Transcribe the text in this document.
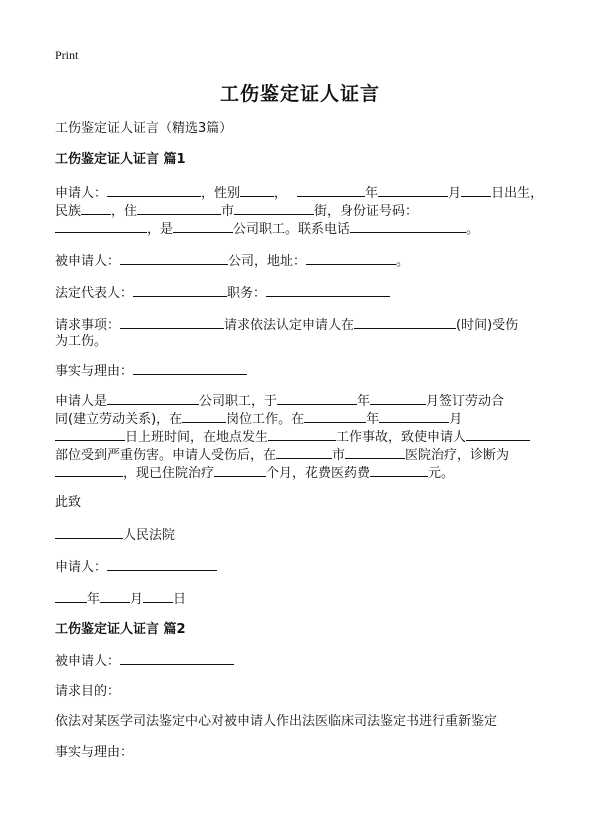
Print
工伤鉴定证人证言
工伤鉴定证人证言（精选3篇）
工伤鉴定证人证言 篇1
申请人：	，性别	，	年	月 日出生，
民族 ，住	市	街，身份证号码：
，是	公司职工。联系电话	。
被申请人：	公司，地址：	。
法定代表人：	职务：
请求事项：	请求依法认定申请人在	(时间)受伤
为工伤。
事实与理由：
申请人是	公司职工，于	年	月签订劳动合
同(建立劳动关系)，在	岗位工作。在	年	月
日上班时间，在地点发生	工作事故，致使申请人
部位受到严重伤害。申请人受伤后，在	市	医院治疗，诊断为
，现已住院治疗	个月，花费医药费	元。
此致
人民法院
申请人：
年 月 日
工伤鉴定证人证言 篇2
被申请人：
请求目的：
依法对某医学司法鉴定中心对被申请人作出法医临床司法鉴定书进行重新鉴定
事实与理由：
